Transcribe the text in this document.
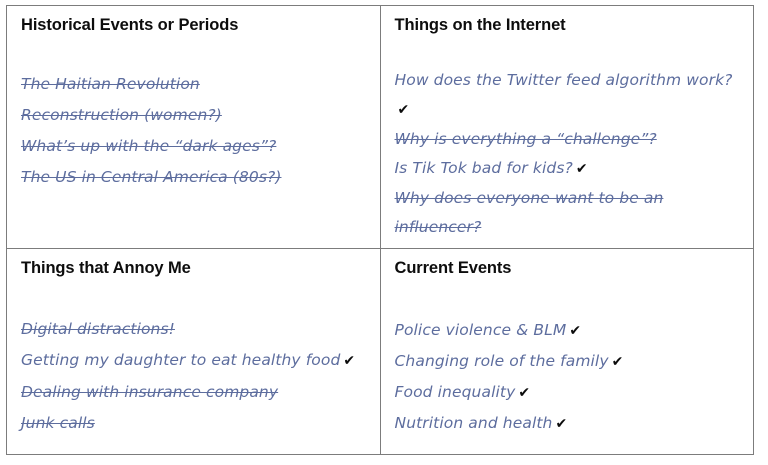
Historical Events or Periods
The Haitian Revolution
Reconstruction (women?)
What’s up with the “dark ages”?
The US in Central America (80s?)

Things on the Internet
How does the Twitter feed algorithm work?✔
Why is everything a “challenge”?
Is Tik Tok bad for kids? ✔
Why does everyone want to be an influencer?

Things that Annoy Me
Digital distractions!
Getting my daughter to eat healthy food ✔
Dealing with insurance company
Junk calls

Current Events
Police violence & BLM ✔
Changing role of the family ✔
Food inequality ✔
Nutrition and health ✔
